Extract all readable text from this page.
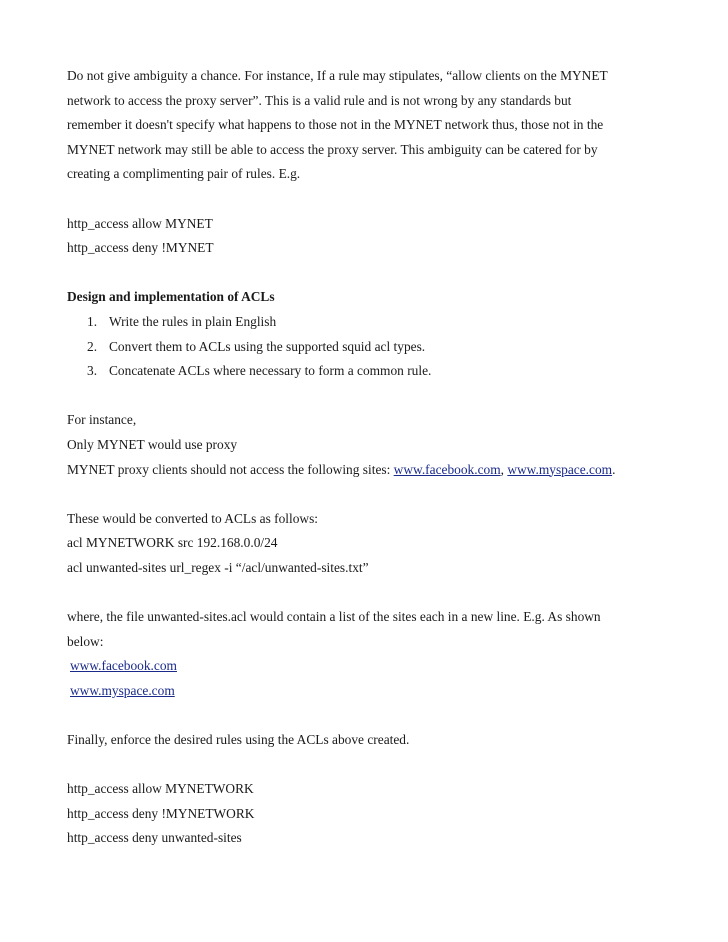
Do not give ambiguity a chance. For instance, If a rule may stipulates, “allow clients on the MYNET
network to access the proxy server”. This is a valid rule and is not wrong by any standards but
remember it doesn't specify what happens to those not in the MYNET network thus, those not in the
MYNET network may still be able to access the proxy server. This ambiguity can be catered for by
creating a complimenting pair of rules. E.g.
http_access allow MYNET
http_access deny !MYNET
Design and implementation of ACLs
1. Write the rules in plain English
2. Convert them to ACLs using the supported squid acl types.
3. Concatenate ACLs where necessary to form a common rule.
For instance,
Only MYNET would use proxy
MYNET proxy clients should not access the following sites: www.facebook.com, www.myspace.com.
These would be converted to ACLs as follows:
acl MYNETWORK src 192.168.0.0/24
acl unwanted-sites url_regex -i “/acl/unwanted-sites.txt”
where, the file unwanted-sites.acl would contain a list of the sites each in a new line. E.g. As shown
below:
www.facebook.com
www.myspace.com
Finally, enforce the desired rules using the ACLs above created.
http_access allow MYNETWORK
http_access deny !MYNETWORK
http_access deny unwanted-sites
